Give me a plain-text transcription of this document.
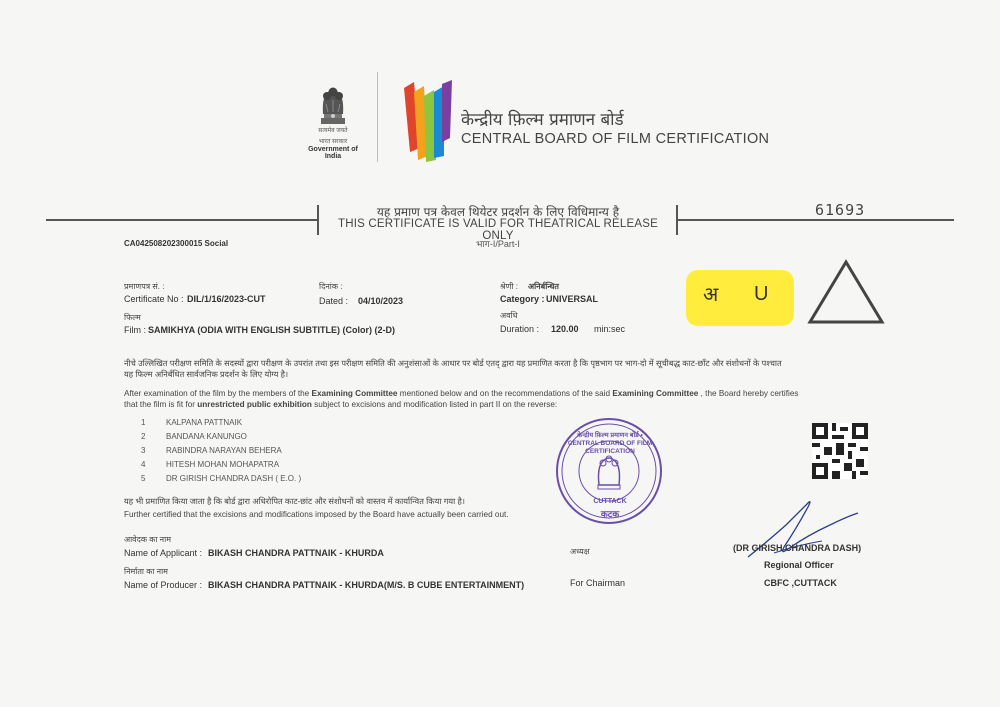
सत्यमेव जयते
भारत सरकार
Government of India
केन्द्रीय फ़िल्म प्रमाणन बोर्ड
CENTRAL BOARD OF FILM CERTIFICATION
यह प्रमाण पत्र केवल थियेटर प्रदर्शन के लिए विधिमान्य है
THIS CERTIFICATE IS VALID FOR THEATRICAL RELEASE ONLY
भाग-I/Part-I
61693
CA042508202300015 Social
प्रमाणपत्र सं. :
Certificate No : DIL/1/16/2023-CUT
दिनांक :
Dated : 04/10/2023
श्रेणी : अनिर्बन्धित
Category : UNIVERSAL
फिल्म
Film : SAMIKHYA (ODIA WITH ENGLISH SUBTITLE) (Color) (2-D)
अवधि
Duration : 120.00 min:sec
अ U
नीचे उल्लिखित परीक्षण समिति के सदस्यों द्वारा परीक्षण के उपरांत तथा इस परीक्षण समिति की अनुशंसाओं के आधार पर बोर्ड एतद् द्वारा यह प्रमाणित करता है कि पृष्ठभाग पर भाग-दो में सूचीबद्ध काट-छाँट और संशोधनों के पश्चात
यह फिल्म अनिर्बंधित सार्वजनिक प्रदर्शन के लिए योग्य है।
After examination of the film by the members of the Examining Committee mentioned below and on the recommendations of the said Examining Committee , the Board hereby certifies
that the film is fit for unrestricted public exhibition subject to excisions and modification listed in part II on the reverse:
1	KALPANA PATTNAIK
2	BANDANA KANUNGO
3	RABINDRA NARAYAN BEHERA
4	HITESH MOHAN MOHAPATRA
5	DR GIRISH CHANDRA DASH ( E.O. )
यह भी प्रमाणित किया जाता है कि बोर्ड द्वारा अधिरोपित काट-छांट और संशोधनों को वास्तव में कार्यान्वित किया गया है।
Further certified that the excisions and modifications imposed by the Board have actually been carried out.
केन्द्रीय फ़िल्म प्रमाणन बोर्ड • CENTRAL BOARD OF FILM CERTIFICATION
CUTTACK
कटक
आवेदक का नाम
Name of Applicant : BIKASH CHANDRA PATTNAIK - KHURDA
निर्माता का नाम
Name of Producer : BIKASH CHANDRA PATTNAIK - KHURDA(M/S. B CUBE ENTERTAINMENT)
अध्यक्ष
For Chairman
(DR GIRISH CHANDRA DASH)
Regional Officer
CBFC ,CUTTACK
